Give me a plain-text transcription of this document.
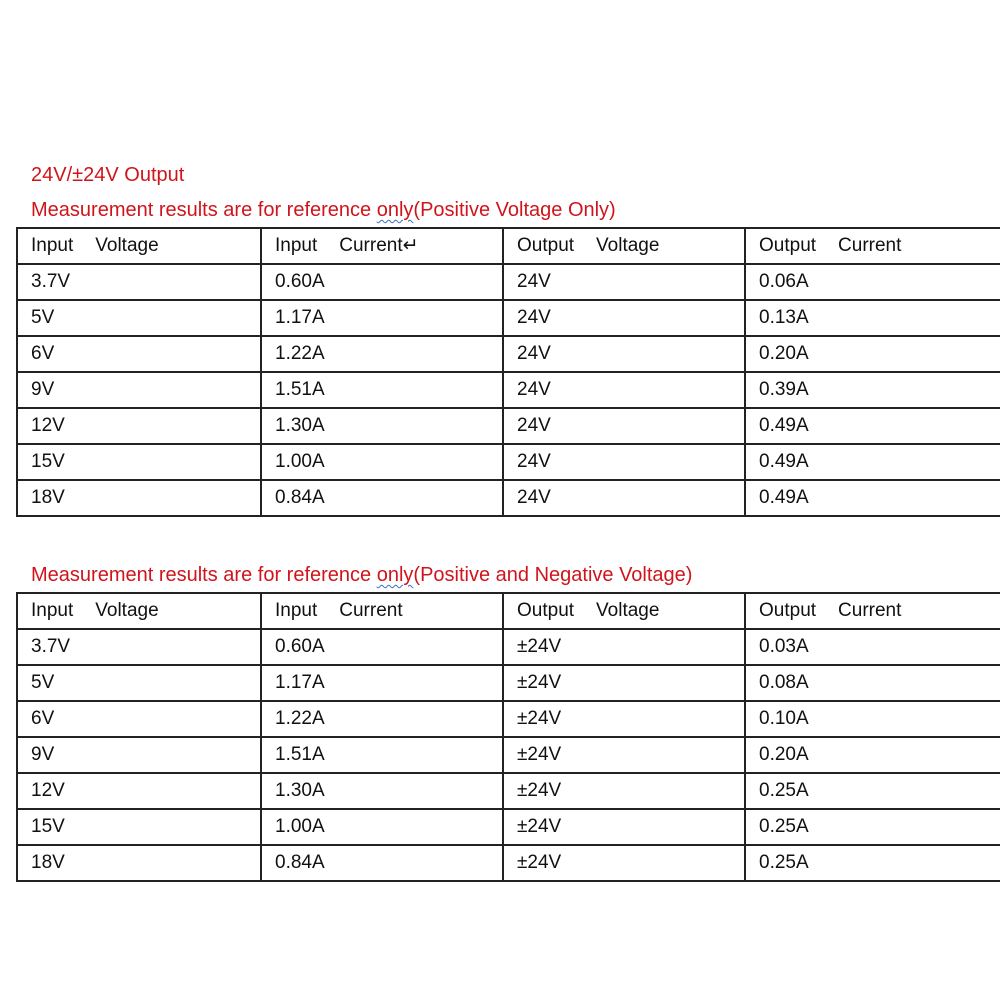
24V/±24V Output
Measurement results are for reference only(Positive Voltage Only)
Input Voltage	Input Current↵	Output Voltage	Output Current
3.7V	0.60A	24V	0.06A
5V	1.17A	24V	0.13A
6V	1.22A	24V	0.20A
9V	1.51A	24V	0.39A
12V	1.30A	24V	0.49A
15V	1.00A	24V	0.49A
18V	0.84A	24V	0.49A
Measurement results are for reference only(Positive and Negative Voltage)
Input Voltage	Input Current	Output Voltage	Output Current
3.7V	0.60A	±24V	0.03A
5V	1.17A	±24V	0.08A
6V	1.22A	±24V	0.10A
9V	1.51A	±24V	0.20A
12V	1.30A	±24V	0.25A
15V	1.00A	±24V	0.25A
18V	0.84A	±24V	0.25A
